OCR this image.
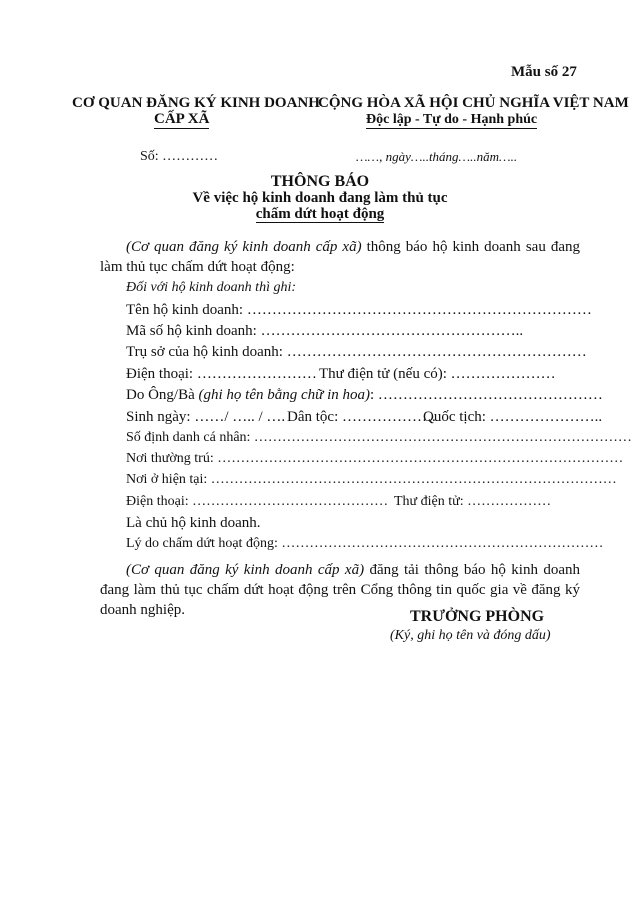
Mẫu số 27
CƠ QUAN ĐĂNG KÝ KINH DOANH
CẤP XÃ
CỘNG HÒA XÃ HỘI CHỦ NGHĨA VIỆT NAM
Độc lập - Tự do - Hạnh phúc
Số: …………	……, ngày…..tháng…..năm…..
THÔNG BÁO
Về việc hộ kinh doanh đang làm thủ tục
chấm dứt hoạt động
(Cơ quan đăng ký kinh doanh cấp xã) thông báo hộ kinh doanh sau đang làm thủ tục chấm dứt hoạt động:
Đối với hộ kinh doanh thì ghi:
Tên hộ kinh doanh: ……………………………………………………………
Mã số hộ kinh doanh: ……………………………………………..
Trụ sở của hộ kinh doanh: ……………………………………………………
Điện thoại: …………………… Thư điện tử (nếu có): …………………
Do Ông/Bà (ghi họ tên bằng chữ in hoa): ………………………………………
Sinh ngày: ……/ ….. / …. Dân tộc: ……………….
Quốc tịch: …………………..
Số định danh cá nhân: ………………………………………………………………………
Nơi thường trú: ……………………………………………………………………………
Nơi ở hiện tại: ……………………………………………………………………………
Điện thoại: …………………………………… Thư điện tử: ………………
Là chủ hộ kinh doanh.
Lý do chấm dứt hoạt động: ……………………………………………………………
(Cơ quan đăng ký kinh doanh cấp xã) đăng tải thông báo hộ kinh doanh đang làm thủ tục chấm dứt hoạt động trên Cổng thông tin quốc gia về đăng ký doanh nghiệp.	TRƯỞNG PHÒNG
(Ký, ghi họ tên và đóng dấu)
